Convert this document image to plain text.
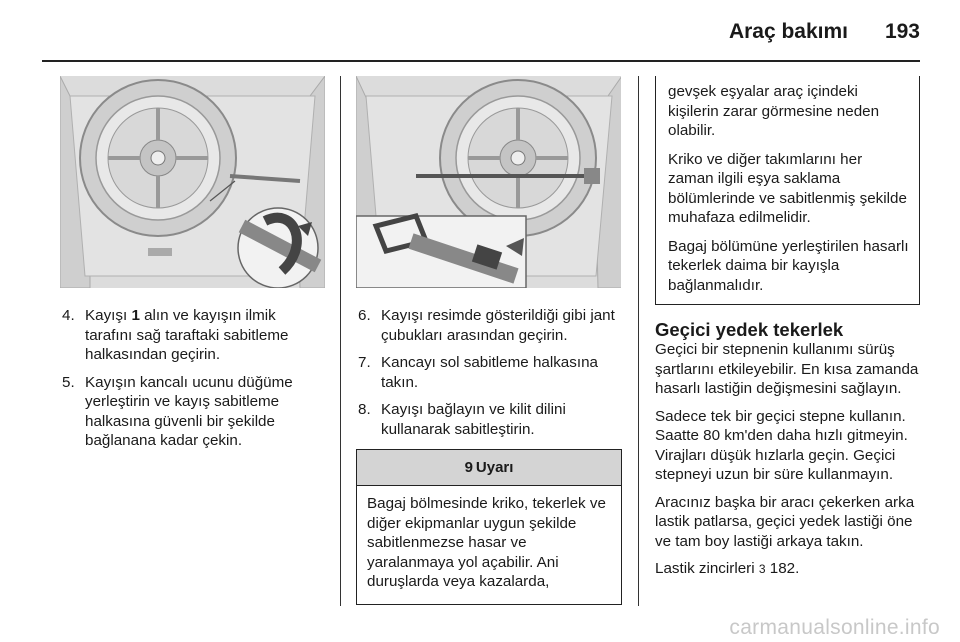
Araç bakımı 193
4. Kayışı 1 alın ve kayışın ilmik tarafını sağ taraftaki sabitleme halkasından geçirin.
5. Kayışın kancalı ucunu düğüme yerleştirin ve kayış sabitleme halkasına güvenli bir şekilde bağlanana kadar çekin.
6. Kayışı resimde gösterildiği gibi jant çubukları arasından geçirin.
7. Kancayı sol sabitleme halkasına takın.
8. Kayışı bağlayın ve kilit dilini kullanarak sabitleştirin.
9 Uyarı
Bagaj bölmesinde kriko, tekerlek ve diğer ekipmanlar uygun şekilde sabitlenmezse hasar ve yaralanmaya yol açabilir. Ani duruşlarda veya kazalarda,

gevşek eşyalar araç içindeki kişilerin zarar görmesine neden olabilir.

Kriko ve diğer takımlarını her zaman ilgili eşya saklama bölümlerinde ve sabitlenmiş şekilde muhafaza edilmelidir.

Bagaj bölümüne yerleştirilen hasarlı tekerlek daima bir kayışla bağlanmalıdır.

Geçici yedek tekerlek

Geçici bir stepnenin kullanımı sürüş şartlarını etkileyebilir. En kısa zamanda hasarlı lastiğin değişmesini sağlayın.

Sadece tek bir geçici stepne kullanın. Saatte 80 km'den daha hızlı gitmeyin. Virajları düşük hızlarla geçin. Geçici stepneyi uzun bir süre kullanmayın.

Aracınız başka bir aracı çekerken arka lastik patlarsa, geçici yedek lastiği öne ve tam boy lastiği arkaya takın.

Lastik zincirleri 3 182.

carmanualsonline.info
